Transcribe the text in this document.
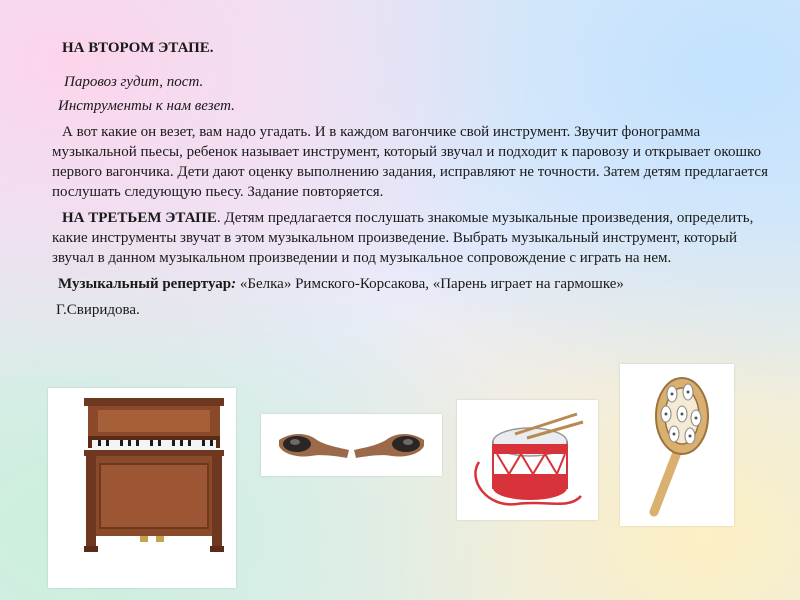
НА ВТОРОМ ЭТАПЕ.
Паровоз гудит, пост.
Инструменты к нам везет.
А вот какие он везет, вам надо угадать. И в каждом вагончике свой инструмент. Звучит фонограмма музыкальной пьесы, ребенок называет инструмент, который звучал и подходит к паровозу и открывает окошко первого вагончика. Дети дают оценку выполнению задания, исправляют не точности. Затем детям предлагается послушать следующую пьесу. Задание повторяется.
НА ТРЕТЬЕМ ЭТАПЕ. Детям предлагается послушать знакомые музыкальные произведения, определить, какие инструменты звучат в этом музыкальном произведение. Выбрать музыкальный инструмент, который звучал в данном музыкальном произведении и под музыкальное сопровождение с играть на нем.
Музыкальный репертуар: «Белка» Римского-Корсакова, «Парень играет на гармошке»
Г.Свиридова.
